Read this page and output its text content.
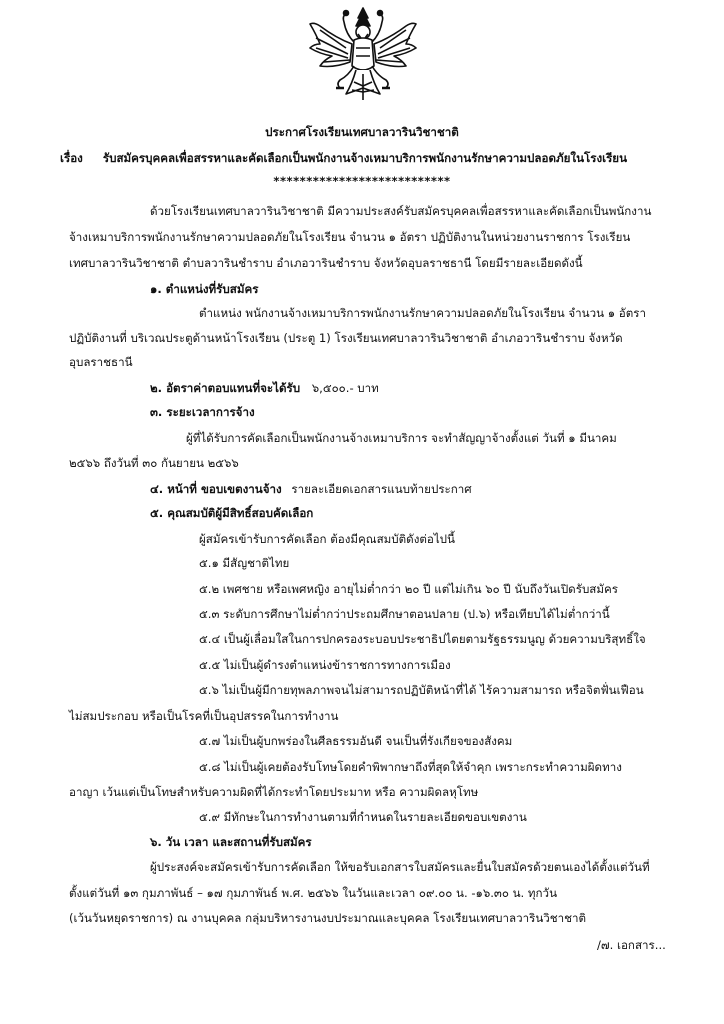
ประกาศโรงเรียนเทศบาลวารินวิชาชาติ

เรื่อง รับสมัครบุคคลเพื่อสรรหาและคัดเลือกเป็นพนักงานจ้างเหมาบริการพนักงานรักษาความปลอดภัยในโรงเรียน

***************************

ด้วยโรงเรียนเทศบาลวารินวิชาชาติ มีความประสงค์รับสมัครบุคคลเพื่อสรรหาและคัดเลือกเป็นพนักงาน

จ้างเหมาบริการพนักงานรักษาความปลอดภัยในโรงเรียน จำนวน ๑ อัตรา ปฏิบัติงานในหน่วยงานราชการ โรงเรียน

เทศบาลวารินวิชาชาติ ตำบลวารินชำราบ อำเภอวารินชำราบ จังหวัดอุบลราชธานี โดยมีรายละเอียดดังนี้

๑. ตำแหน่งที่รับสมัคร

ตำแหน่ง พนักงานจ้างเหมาบริการพนักงานรักษาความปลอดภัยในโรงเรียน จำนวน ๑ อัตรา

ปฏิบัติงานที่ บริเวณประตูด้านหน้าโรงเรียน (ประตู 1) โรงเรียนเทศบาลวารินวิชาชาติ อำเภอวารินชำราบ จังหวัด

อุบลราชธานี

๒. อัตราค่าตอบแทนที่จะได้รับ ๖,๕๐๐.- บาท

๓. ระยะเวลาการจ้าง

ผู้ที่ได้รับการคัดเลือกเป็นพนักงานจ้างเหมาบริการ จะทำสัญญาจ้างตั้งแต่ วันที่ ๑ มีนาคม

๒๕๖๖ ถึงวันที่ ๓๐ กันยายน ๒๕๖๖

๔. หน้าที่ ขอบเขตงานจ้าง รายละเอียดเอกสารแนบท้ายประกาศ

๕. คุณสมบัติผู้มีสิทธิ์สอบคัดเลือก

ผู้สมัครเข้ารับการคัดเลือก ต้องมีคุณสมบัติดังต่อไปนี้

๕.๑ มีสัญชาติไทย

๕.๒ เพศชาย หรือเพศหญิง อายุไม่ต่ำกว่า ๒๐ ปี แต่ไม่เกิน ๖๐ ปี นับถึงวันเปิดรับสมัคร

๕.๓ ระดับการศึกษาไม่ต่ำกว่าประถมศึกษาตอนปลาย (ป.๖) หรือเทียบได้ไม่ต่ำกว่านี้

๕.๔ เป็นผู้เลื่อมใสในการปกครองระบอบประชาธิปไตยตามรัฐธรรมนูญ ด้วยความบริสุทธิ์ใจ

๕.๕ ไม่เป็นผู้ดำรงตำแหน่งข้าราชการทางการเมือง

๕.๖ ไม่เป็นผู้มีกายทุพลภาพจนไม่สามารถปฏิบัติหน้าที่ได้ ไร้ความสามารถ หรือจิตฟั่นเฟือน

ไม่สมประกอบ หรือเป็นโรคที่เป็นอุปสรรคในการทำงาน

๕.๗ ไม่เป็นผู้บกพร่องในศีลธรรมอันดี จนเป็นที่รังเกียจของสังคม

๕.๘ ไม่เป็นผู้เคยต้องรับโทษโดยคำพิพากษาถึงที่สุดให้จำคุก เพราะกระทำความผิดทาง

อาญา เว้นแต่เป็นโทษสำหรับความผิดที่ได้กระทำโดยประมาท หรือ ความผิดลหุโทษ

๕.๙ มีทักษะในการทำงานตามที่กำหนดในรายละเอียดขอบเขตงาน

๖. วัน เวลา และสถานที่รับสมัคร

ผู้ประสงค์จะสมัครเข้ารับการคัดเลือก ให้ขอรับเอกสารใบสมัครและยื่นใบสมัครด้วยตนเองได้ตั้งแต่วันที่

ตั้งแต่วันที่ ๑๓ กุมภาพันธ์ – ๑๗ กุมภาพันธ์ พ.ศ. ๒๕๖๖ ในวันและเวลา ๐๙.๐๐ น. -๑๖.๓๐ น. ทุกวัน

(เว้นวันหยุดราชการ) ณ งานบุคคล กลุ่มบริหารงานงบประมาณและบุคคล โรงเรียนเทศบาลวารินวิชาชาติ

/๗. เอกสาร...
